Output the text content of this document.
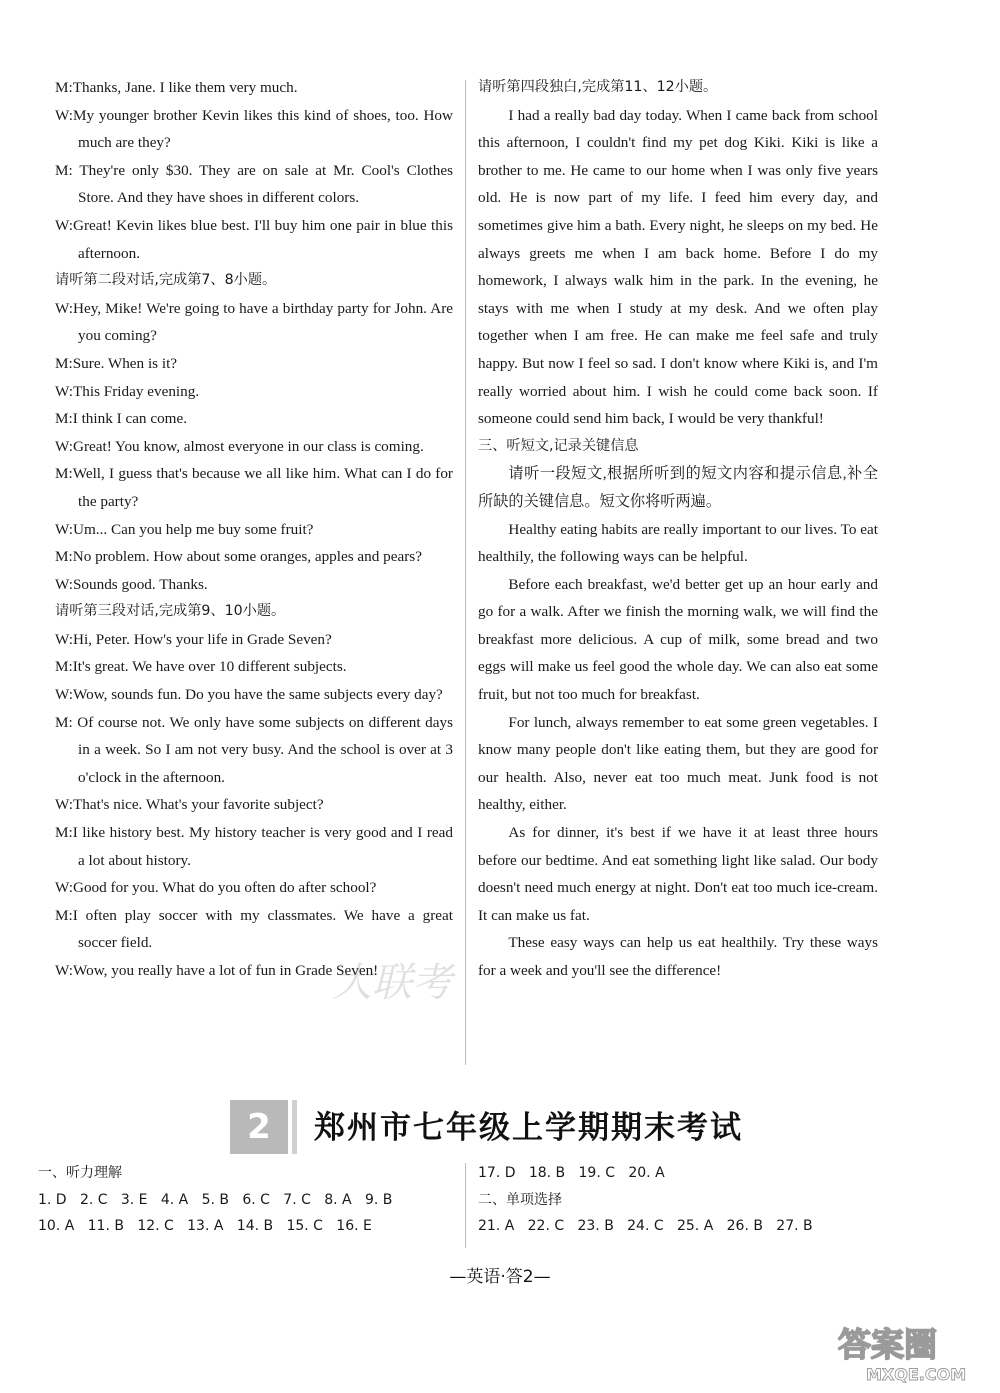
M:Thanks, Jane. I like them very much.

W:My younger brother Kevin likes this kind of shoes, too. How much are they?

M: They're only $30. They are on sale at Mr. Cool's Clothes Store. And they have shoes in different colors.

W:Great! Kevin likes blue best. I'll buy him one pair in blue this afternoon.

请听第二段对话,完成第7、8小题。

W:Hey, Mike! We're going to have a birthday party for John. Are you coming?

M:Sure. When is it?

W:This Friday evening.

M:I think I can come.

W:Great! You know, almost everyone in our class is coming.

M:Well, I guess that's because we all like him. What can I do for the party?

W:Um... Can you help me buy some fruit?

M:No problem. How about some oranges, apples and pears?

W:Sounds good. Thanks.

请听第三段对话,完成第9、10小题。

W:Hi, Peter. How's your life in Grade Seven?

M:It's great. We have over 10 different subjects.

W:Wow, sounds fun. Do you have the same subjects every day?

M: Of course not. We only have some subjects on different days in a week. So I am not very busy. And the school is over at 3 o'clock in the afternoon.

W:That's nice. What's your favorite subject?

M:I like history best. My history teacher is very good and I read a lot about history.

W:Good for you. What do you often do after school?

M:I often play soccer with my classmates. We have a great soccer field.

W:Wow, you really have a lot of fun in Grade Seven!

请听第四段独白,完成第11、12小题。

I had a really bad day today. When I came back from school this afternoon, I couldn't find my pet dog Kiki. Kiki is like a brother to me. He came to our home when I was only five years old. He is now part of my life. I feed him every day, and sometimes give him a bath. Every night, he sleeps on my bed. He always greets me when I am back home. Before I do my homework, I always walk him in the park. In the evening, he stays with me when I study at my desk. And we often play together when I am free. He can make me feel safe and truly happy. But now I feel so sad. I don't know where Kiki is, and I'm really worried about him. I wish he could come back soon. If someone could send him back, I would be very thankful!

三、听短文,记录关键信息

请听一段短文,根据所听到的短文内容和提示信息,补全所缺的关键信息。短文你将听两遍。

Healthy eating habits are really important to our lives. To eat healthily, the following ways can be helpful.

Before each breakfast, we'd better get up an hour early and go for a walk. After we finish the morning walk, we will find the breakfast more delicious. A cup of milk, some bread and two eggs will make us feel good the whole day. We can also eat some fruit, but not too much for breakfast.

For lunch, always remember to eat some green vegetables. I know many people don't like eating them, but they are good for our health. Also, never eat too much meat. Junk food is not healthy, either.

As for dinner, it's best if we have it at least three hours before our bedtime. And eat something light like salad. Our body doesn't need much energy at night. Don't eat too much ice-cream. It can make us fat.

These easy ways can help us eat healthily. Try these ways for a week and you'll see the difference!

大联考
2	郑州市七年级上学期期末考试

一、听力理解

1. D   2. C   3. E   4. A   5. B   6. C   7. C   8. A   9. B

10. A   11. B   12. C   13. A   14. B   15. C   16. E

17. D   18. B   19. C   20. A

二、单项选择

21. A   22. C   23. B   24. C   25. A   26. B   27. B

—英语·答2—
答案圈
MXQE.COM
